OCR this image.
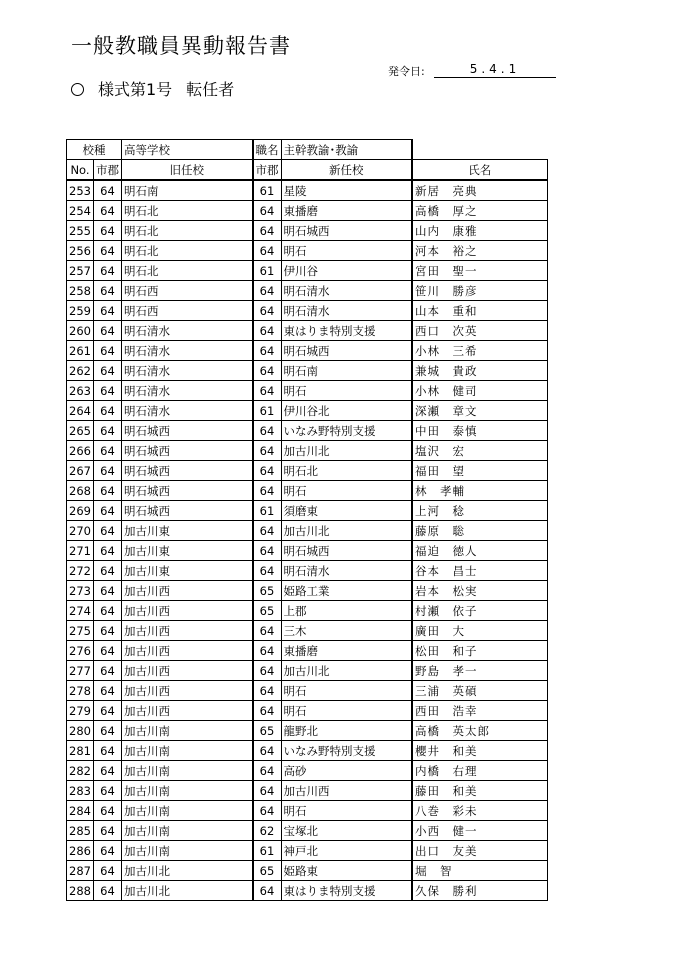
一般教職員異動報告書
発令日:	5.4.1
様式第1号 転任者
校種		高等学校	職名	主幹教諭･教諭	
No.	市郡	旧任校	市郡	新任校	氏名
253	64	明石南	61	星陵	新居　亮典
254	64	明石北	64	東播磨	高橋　厚之
255	64	明石北	64	明石城西	山内　康雅
256	64	明石北	64	明石	河本　裕之
257	64	明石北	61	伊川谷	宮田　聖一
258	64	明石西	64	明石清水	笹川　勝彦
259	64	明石西	64	明石清水	山本　重和
260	64	明石清水	64	東はりま特別支援	西口　次英
261	64	明石清水	64	明石城西	小林　三希
262	64	明石清水	64	明石南	兼城　貴政
263	64	明石清水	64	明石	小林　健司
264	64	明石清水	61	伊川谷北	深瀬　章文
265	64	明石城西	64	いなみ野特別支援	中田　泰慎
266	64	明石城西	64	加古川北	塩沢　宏
267	64	明石城西	64	明石北	福田　望
268	64	明石城西	64	明石	林　孝輔
269	64	明石城西	61	須磨東	上河　稔
270	64	加古川東	64	加古川北	藤原　聡
271	64	加古川東	64	明石城西	福迫　徳人
272	64	加古川東	64	明石清水	谷本　昌士
273	64	加古川西	65	姫路工業	岩本　松実
274	64	加古川西	65	上郡	村瀬　依子
275	64	加古川西	64	三木	廣田　大
276	64	加古川西	64	東播磨	松田　和子
277	64	加古川西	64	加古川北	野島　孝一
278	64	加古川西	64	明石	三浦　英碩
279	64	加古川西	64	明石	西田　浩幸
280	64	加古川南	65	龍野北	高橋　英太郎
281	64	加古川南	64	いなみ野特別支援	櫻井　和美
282	64	加古川南	64	高砂	内橋　右理
283	64	加古川南	64	加古川西	藤田　和美
284	64	加古川南	64	明石	八巻　彩未
285	64	加古川南	62	宝塚北	小西　健一
286	64	加古川南	61	神戸北	出口　友美
287	64	加古川北	65	姫路東	堀　智
288	64	加古川北	64	東はりま特別支援	久保　勝利
